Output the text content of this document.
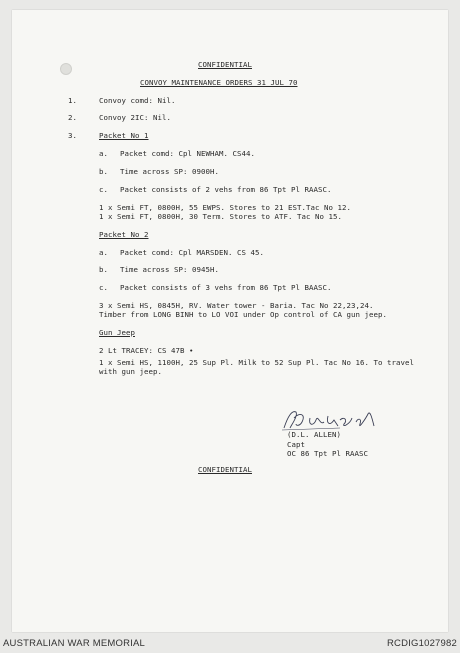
CONFIDENTIAL
CONVOY MAINTENANCE ORDERS 31 JUL 70
1.	Convoy comd: Nil.
2.	Convoy 2IC: Nil.
3.	Packet No 1
a. Packet comd: Cpl NEWHAM. CS44.
b. Time across SP: 0900H.
c. Packet consists of 2 vehs from 86 Tpt Pl RAASC.
1 x Semi FT, 0800H, 55 EWPS. Stores to 21 EST.Tac No 12.
1 x Semi FT, 0800H, 30 Term. Stores to ATF. Tac No 15.
Packet No 2
a. Packet comd: Cpl MARSDEN. CS 45.
b. Time across SP: 0945H.
c. Packet consists of 3 vehs from 86 Tpt Pl BAASC.
3 x Semi HS, 0845H, RV. Water tower - Baria. Tac No 22,23,24.
Timber from LONG BINH to LO VOI under Op control of CA gun jeep.
Gun Jeep
2 Lt TRACEY: CS 47B •
1 x Semi HS, 1100H, 25 Sup Pl. Milk to 52 Sup Pl. Tac No 16. To travel
with gun jeep.
(D.L. ALLEN)
Capt
OC 86 Tpt Pl RAASC
CONFIDENTIAL
AUSTRALIAN WAR MEMORIAL	RCDIG1027982
